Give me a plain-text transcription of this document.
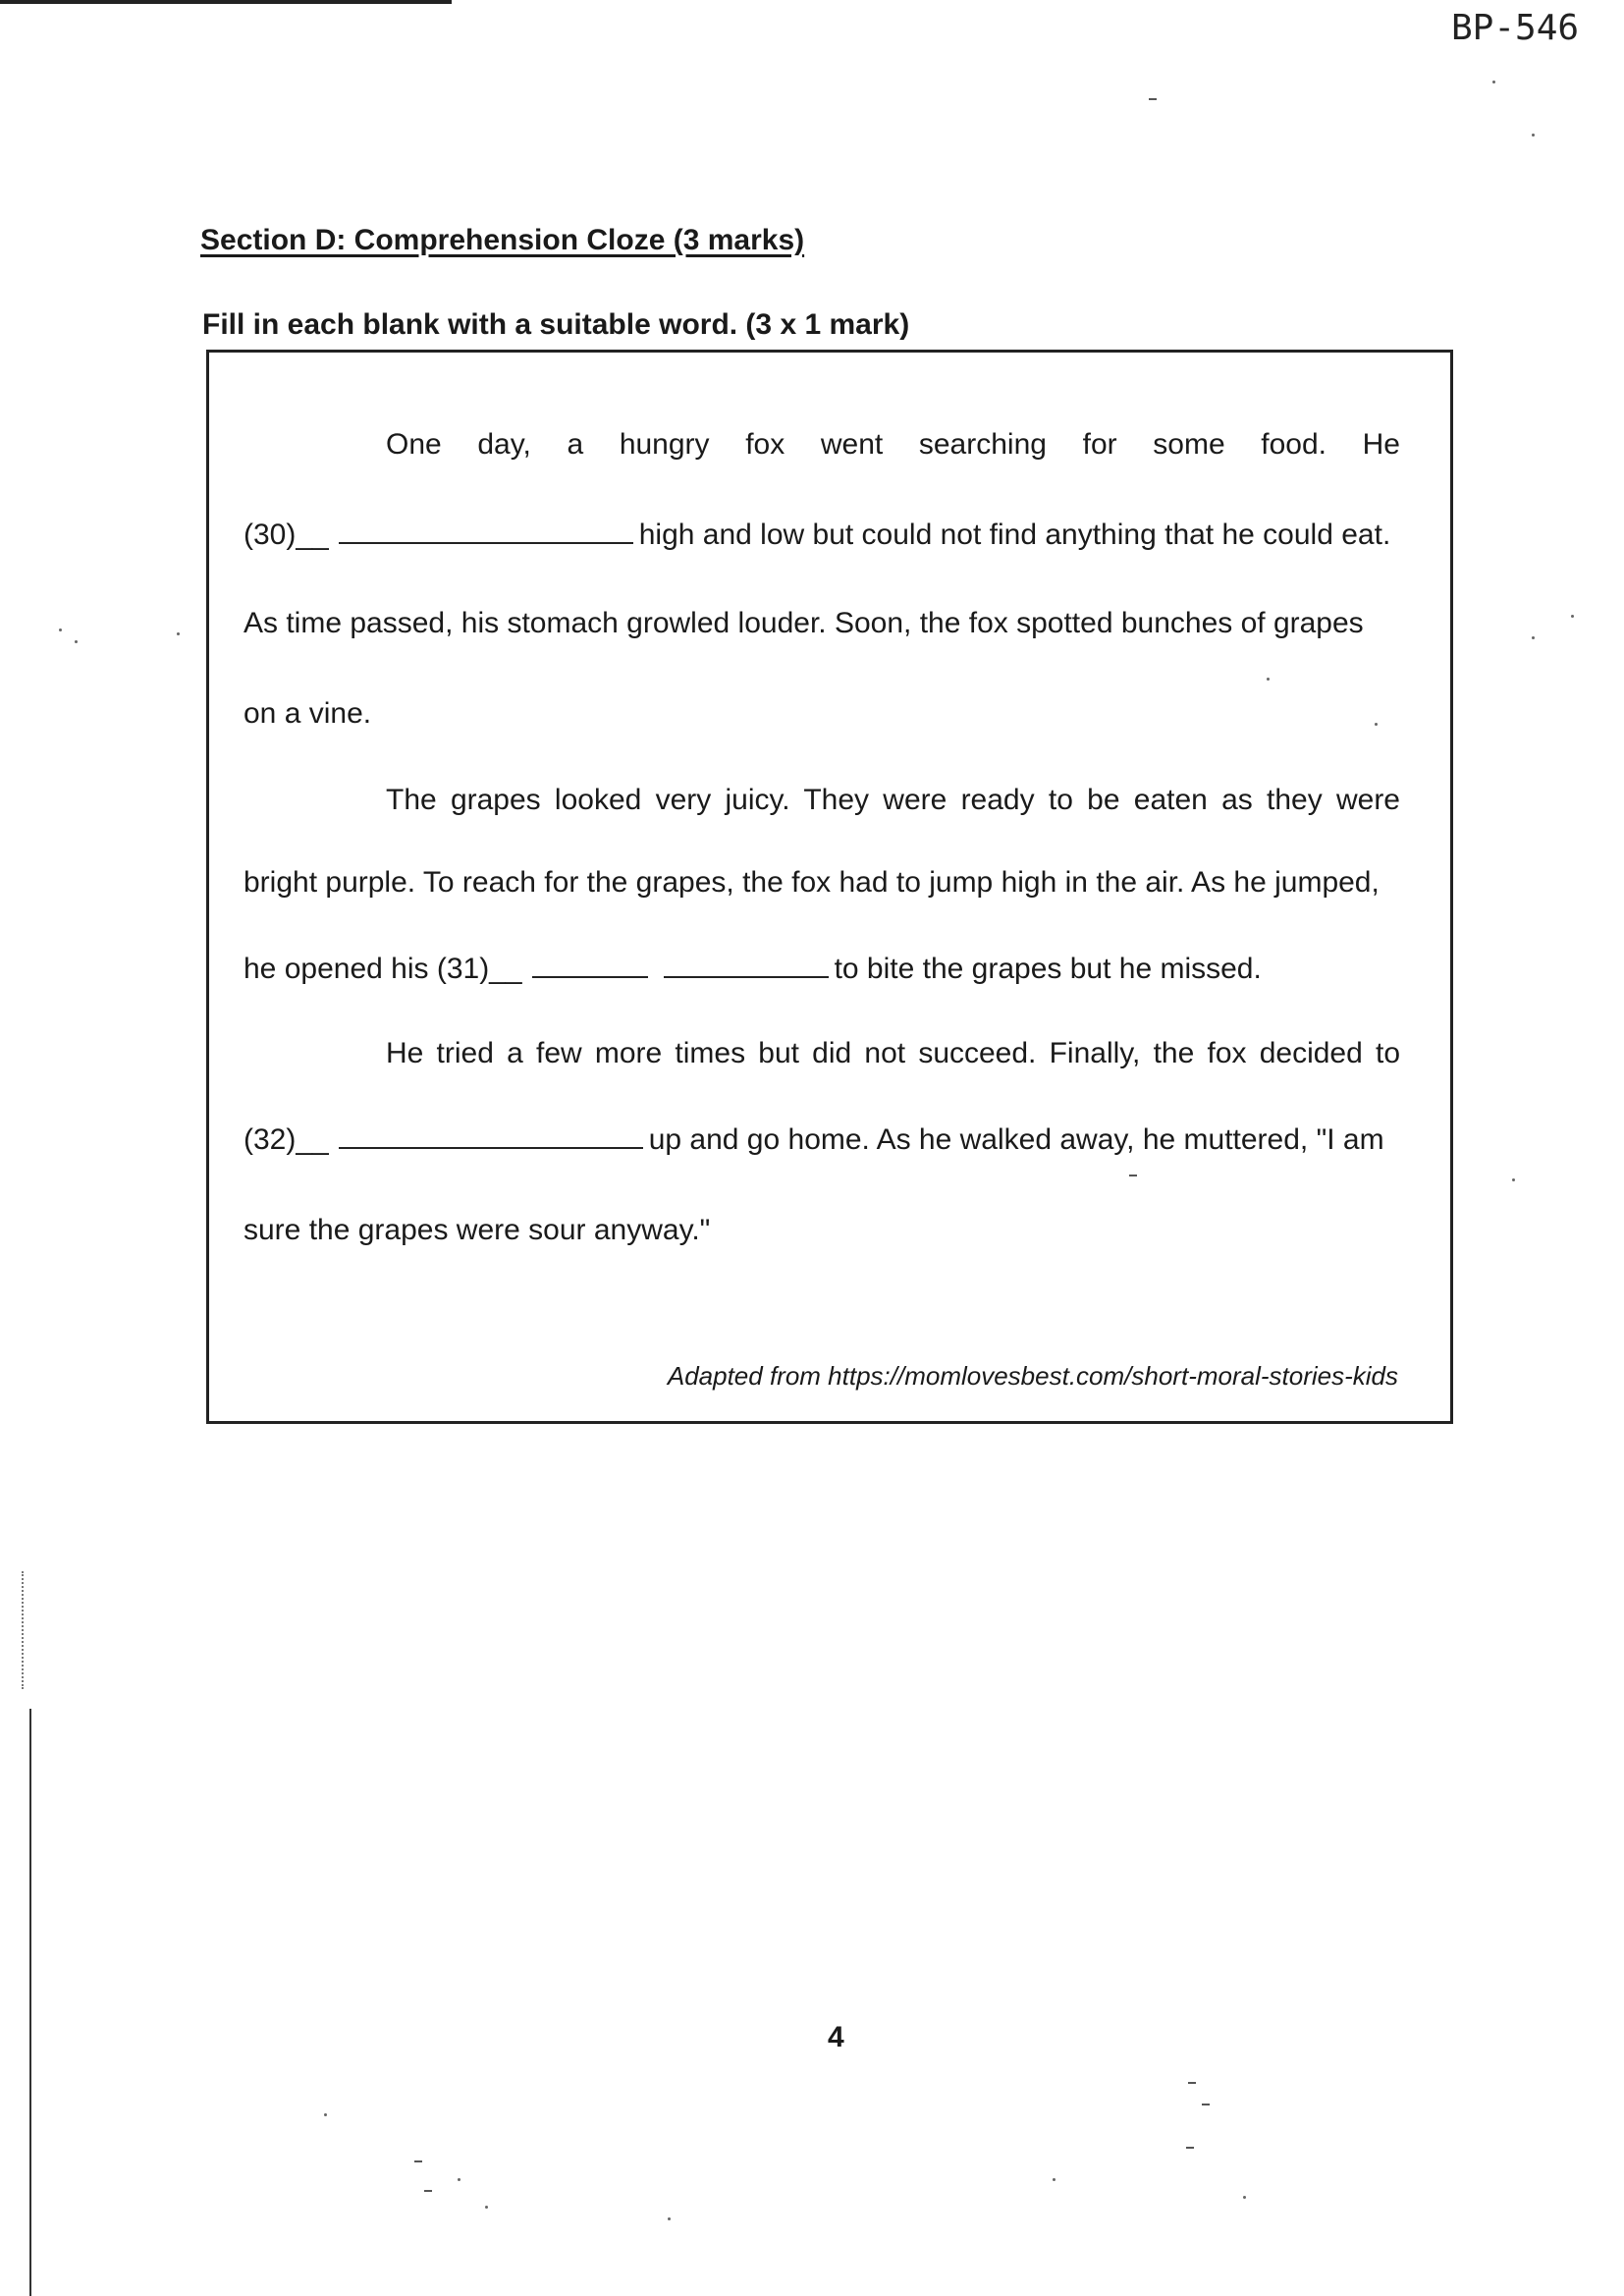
BP-546
Section D: Comprehension Cloze (3 marks)
Fill in each blank with a suitable word. (3 x 1 mark)
One day, a hungry fox went searching for some food. He
(30)__	high and low but could not find anything that he could eat.
As time passed, his stomach growled louder. Soon, the fox spotted bunches of grapes
on a vine.
The grapes looked very juicy. They were ready to be eaten as they were
bright purple. To reach for the grapes, the fox had to jump high in the air. As he jumped,
he opened his (31)__	to bite the grapes but he missed.
He tried a few more times but did not succeed. Finally, the fox decided to
(32)__	up and go home. As he walked away, he muttered, "I am
sure the grapes were sour anyway."
Adapted from https://momlovesbest.com/short-moral-stories-kids
4
